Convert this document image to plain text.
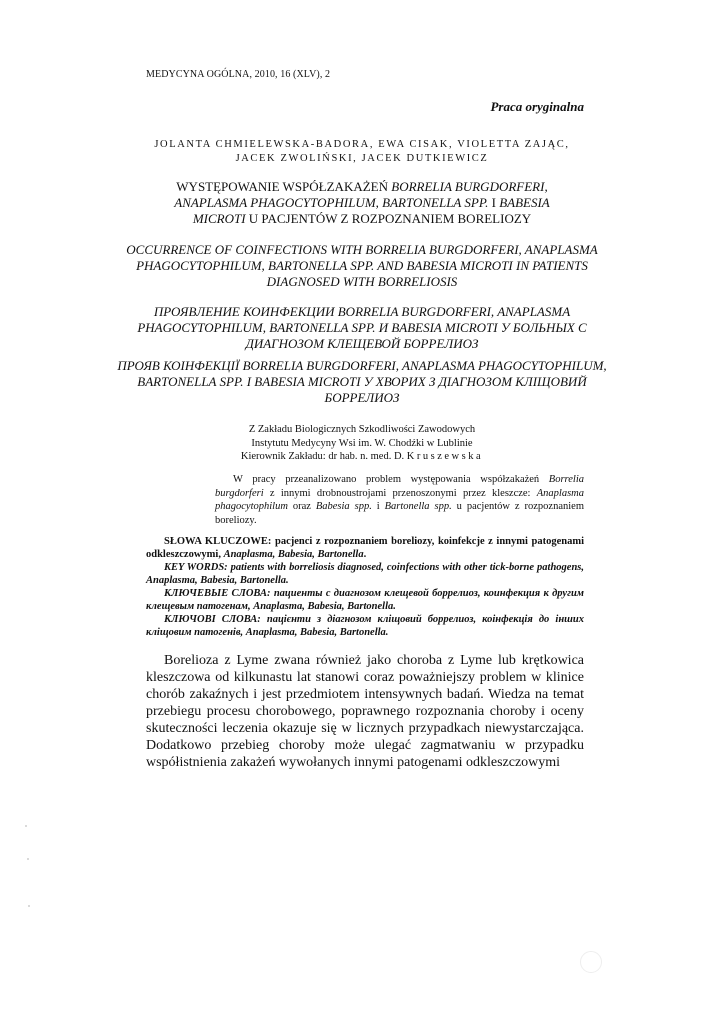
MEDYCYNA OGÓLNA, 2010, 16 (XLV), 2
Praca oryginalna
JOLANTA CHMIELEWSKA-BADORA, EWA CISAK, VIOLETTA ZAJĄC,
JACEK ZWOLIŃSKI, JACEK DUTKIEWICZ
WYSTĘPOWANIE WSPÓŁZAKAŻEŃ BORRELIA BURGDORFERI,
ANAPLASMA PHAGOCYTOPHILUM, BARTONELLA SPP. I BABESIA
MICROTI U PACJENTÓW Z ROZPOZNANIEM BORELIOZY
OCCURRENCE OF COINFECTIONS WITH BORRELIA BURGDORFERI, ANAPLASMA PHAGOCYTOPHILUM, BARTONELLA SPP. AND BABESIA MICROTI IN PATIENTS DIAGNOSED WITH BORRELIOSIS
ПРОЯВЛЕНИЕ КОИНФЕКЦИИ BORRELIA BURGDORFERI, ANAPLASMA PHAGOCYTOPHILUM, BARTONELLA SPP. И BABESIA MICROTI У БОЛЬНЫХ С ДИАГНОЗОМ КЛЕЩЕВОЙ БОРРЕЛИОЗ
ПРОЯВ КОІНФЕКЦІЇ BORRELIA BURGDORFERI, ANAPLASMA PHAGOCYTOPHILUM, BARTONELLA SPP. І BABESIA MICROTI У ХВОРИХ З ДІАГНОЗОМ КЛІЩОВИЙ БОРРЕЛИОЗ
Z Zakładu Biologicznych Szkodliwości Zawodowych
Instytutu Medycyny Wsi im. W. Chodźki w Lublinie
Kierownik Zakładu: dr hab. n. med. D. Kruszewska
W pracy przeanalizowano problem występowania współzakażeń Borrelia burgdorferi z innymi drobnoustrojami przenoszonymi przez kleszcze: Anaplasma phagocytophilum oraz Babesia spp. i Bartonella spp. u pacjentów z rozpoznaniem boreliozy.

SŁOWA KLUCZOWE: pacjenci z rozpoznaniem boreliozy, koinfekcje z innymi patogenami odkleszczowymi, Anaplasma, Babesia, Bartonella.

KEY WORDS: patients with borreliosis diagnosed, coinfections with other tick-borne pathogens, Anaplasma, Babesia, Bartonella.

КЛЮЧЕВЫЕ СЛОВА: пациенты с диагнозом клещевой боррелиоз, коинфекция к другим клещевым патогенам, Anaplasma, Babesia, Bartonella.

КЛЮЧОВІ СЛОВА: пацієнти з діагнозом кліщовий боррелиоз, коінфекція до інших кліщовим патогенів, Anaplasma, Babesia, Bartonella.

Borelioza z Lyme zwana również jako choroba z Lyme lub krętkowica kleszczowa od kilkunastu lat stanowi coraz poważniejszy problem w klinice chorób zakaźnych i jest przedmiotem intensywnych badań. Wiedza na temat przebiegu procesu chorobowego, poprawnego rozpoznania choroby i oceny skuteczności leczenia okazuje się w licznych przypadkach niewystarczająca. Dodatkowo przebieg choroby może ulegać zagmatwaniu w przypadku współistnienia zakażeń wywołanych innymi patogenami odkleszczowymi
